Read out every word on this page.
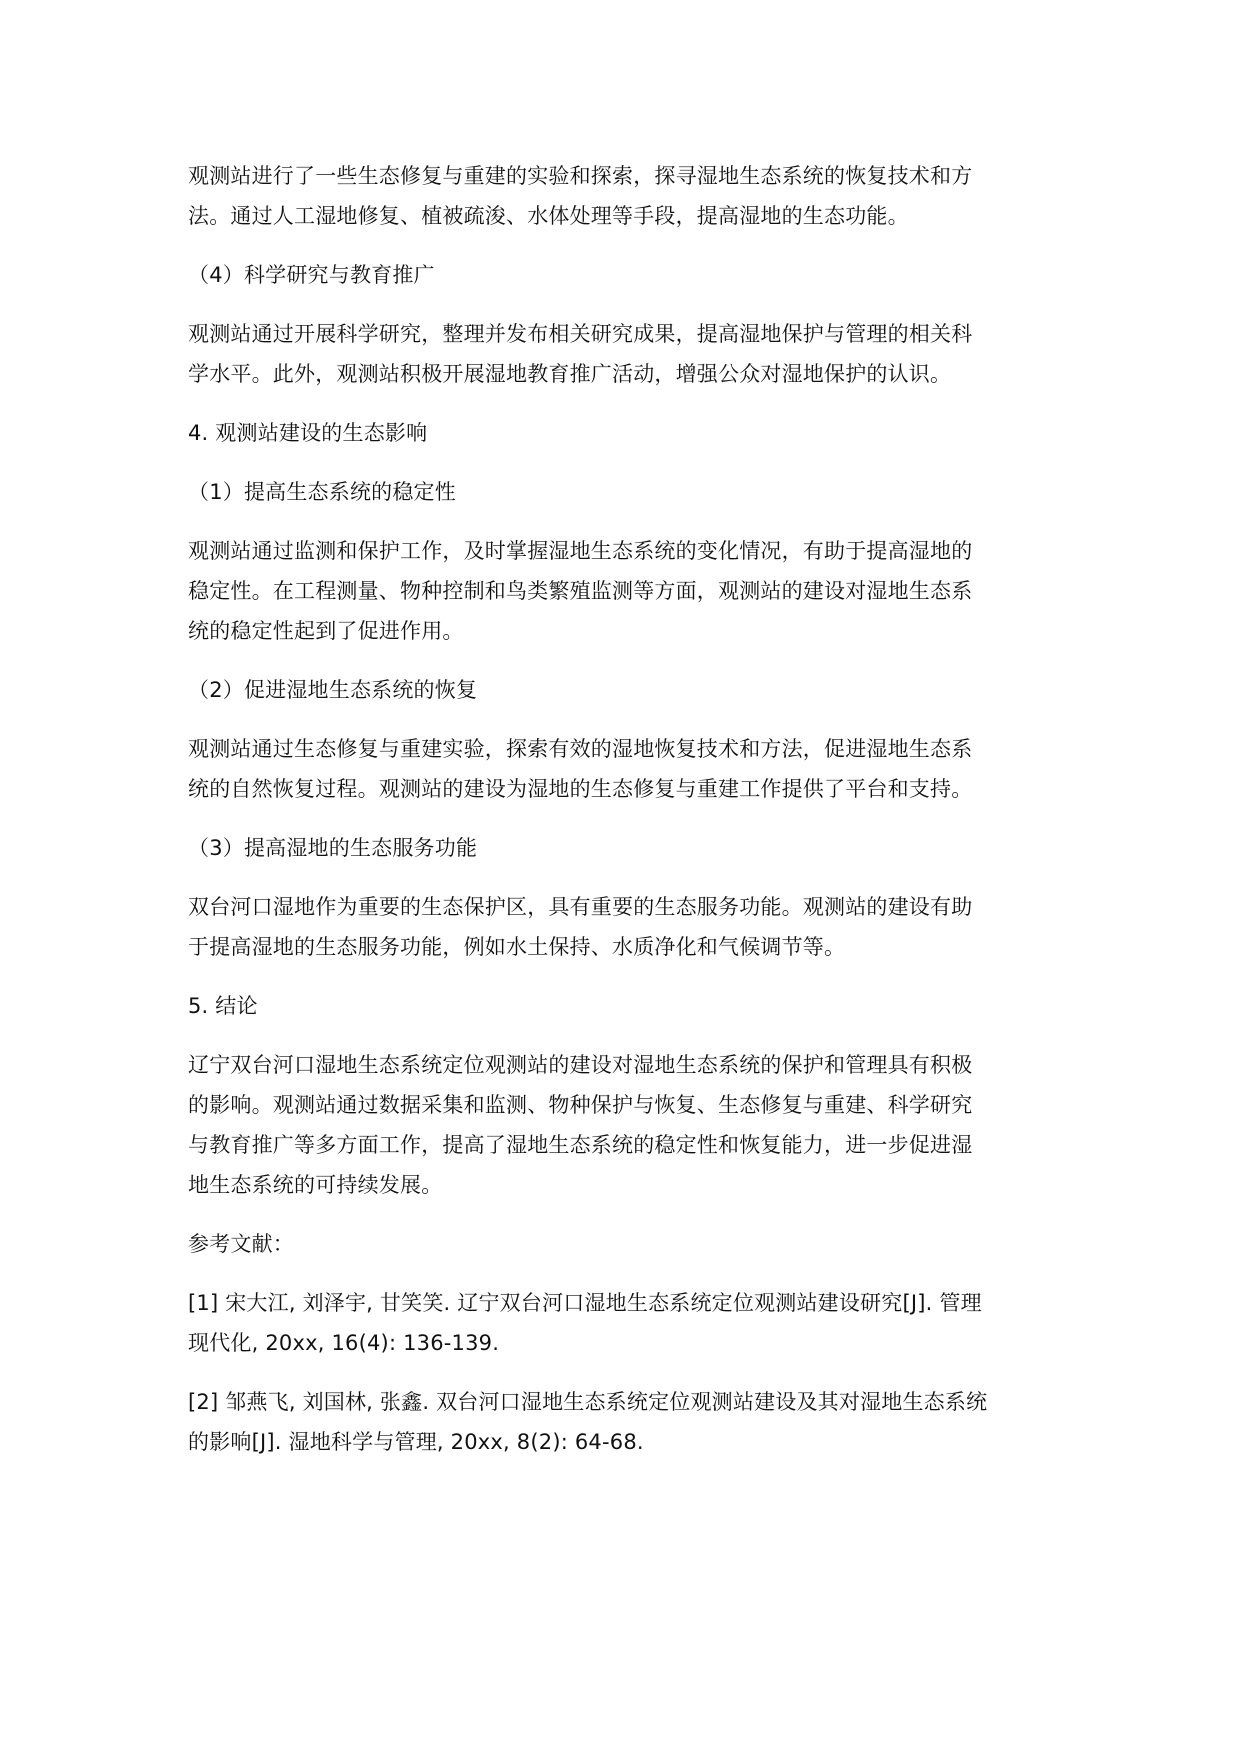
观测站进行了一些生态修复与重建的实验和探索，探寻湿地生态系统的恢复技术和方
法。通过人工湿地修复、植被疏浚、水体处理等手段，提高湿地的生态功能。

（4）科学研究与教育推广

观测站通过开展科学研究，整理并发布相关研究成果，提高湿地保护与管理的相关科
学水平。此外，观测站积极开展湿地教育推广活动，增强公众对湿地保护的认识。

4. 观测站建设的生态影响

（1）提高生态系统的稳定性

观测站通过监测和保护工作，及时掌握湿地生态系统的变化情况，有助于提高湿地的
稳定性。在工程测量、物种控制和鸟类繁殖监测等方面，观测站的建设对湿地生态系
统的稳定性起到了促进作用。

（2）促进湿地生态系统的恢复

观测站通过生态修复与重建实验，探索有效的湿地恢复技术和方法，促进湿地生态系
统的自然恢复过程。观测站的建设为湿地的生态修复与重建工作提供了平台和支持。

（3）提高湿地的生态服务功能

双台河口湿地作为重要的生态保护区，具有重要的生态服务功能。观测站的建设有助
于提高湿地的生态服务功能，例如水土保持、水质净化和气候调节等。

5. 结论

辽宁双台河口湿地生态系统定位观测站的建设对湿地生态系统的保护和管理具有积极
的影响。观测站通过数据采集和监测、物种保护与恢复、生态修复与重建、科学研究
与教育推广等多方面工作，提高了湿地生态系统的稳定性和恢复能力，进一步促进湿
地生态系统的可持续发展。

参考文献：

[1] 宋大江, 刘泽宇, 甘笑笑. 辽宁双台河口湿地生态系统定位观测站建设研究[J]. 管理
现代化, 20xx, 16(4): 136-139.

[2] 邹燕飞, 刘国林, 张鑫. 双台河口湿地生态系统定位观测站建设及其对湿地生态系统
的影响[J]. 湿地科学与管理, 20xx, 8(2): 64-68.
